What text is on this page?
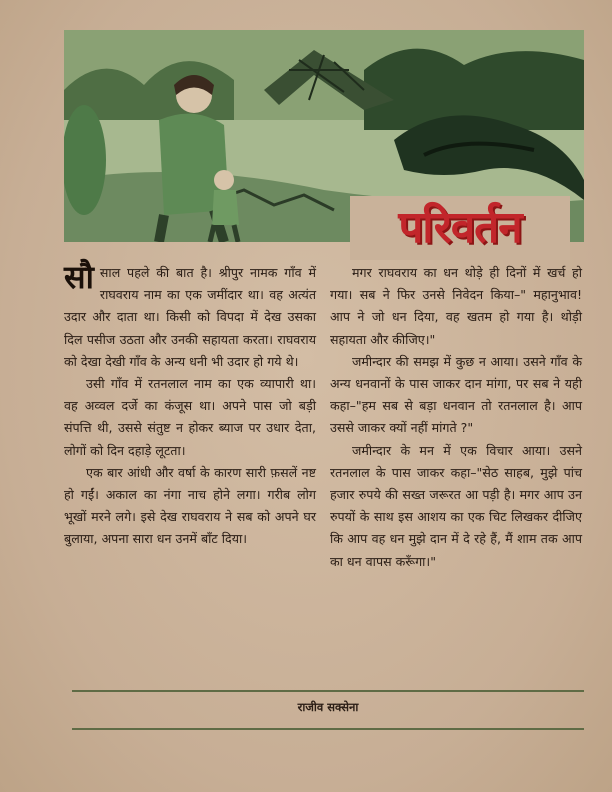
परिवर्तन

सौसाल पहले की बात है। श्रीपुर नामक गाँव में राघवराय नाम का एक जमींदार था। वह अत्यंत उदार और दाता था। किसी को विपदा में देख उसका दिल पसीज उठता और उनकी सहायता करता। राघवराय को देखा देखी गाँव के अन्य धनी भी उदार हो गये थे।

उसी गाँव में रतनलाल नाम का एक व्यापारी था। वह अव्वल दर्जे का कंजूस था। अपने पास जो बड़ी संपत्ति थी, उससे संतुष्ट न होकर ब्याज पर उधार देता, लोगों को दिन दहाड़े लूटता।

एक बार आंधी और वर्षा के कारण सारी फ़सलें नष्ट हो गईं। अकाल का नंगा नाच होने लगा। गरीब लोग भूखों मरने लगे। इसे देख राघवराय ने सब को अपने घर बुलाया, अपना सारा धन उनमें बाँट दिया।

मगर राघवराय का धन थोड़े ही दिनों में खर्च हो गया। सब ने फिर उनसे निवेदन किया–" महानुभाव! आप ने जो धन दिया, वह खतम हो गया है। थोड़ी सहायता और कीजिए।"

जमीन्दार की समझ में कुछ न आया। उसने गाँव के अन्य धनवानों के पास जाकर दान मांगा, पर सब ने यही कहा–"हम सब से बड़ा धनवान तो रतनलाल है। आप उससे जाकर क्यों नहीं मांगते ?"

जमीन्दार के मन में एक विचार आया। उसने रतनलाल के पास जाकर कहा–"सेठ साहब, मुझे पांच हजार रुपये की सख्त जरूरत आ पड़ी है। मगर आप उन रुपयों के साथ इस आशय का एक चिट लिखकर दीजिए कि आप वह धन मुझे दान में दे रहे हैं, मैं शाम तक आप का धन वापस करूँगा।"

राजीव सक्सेना
